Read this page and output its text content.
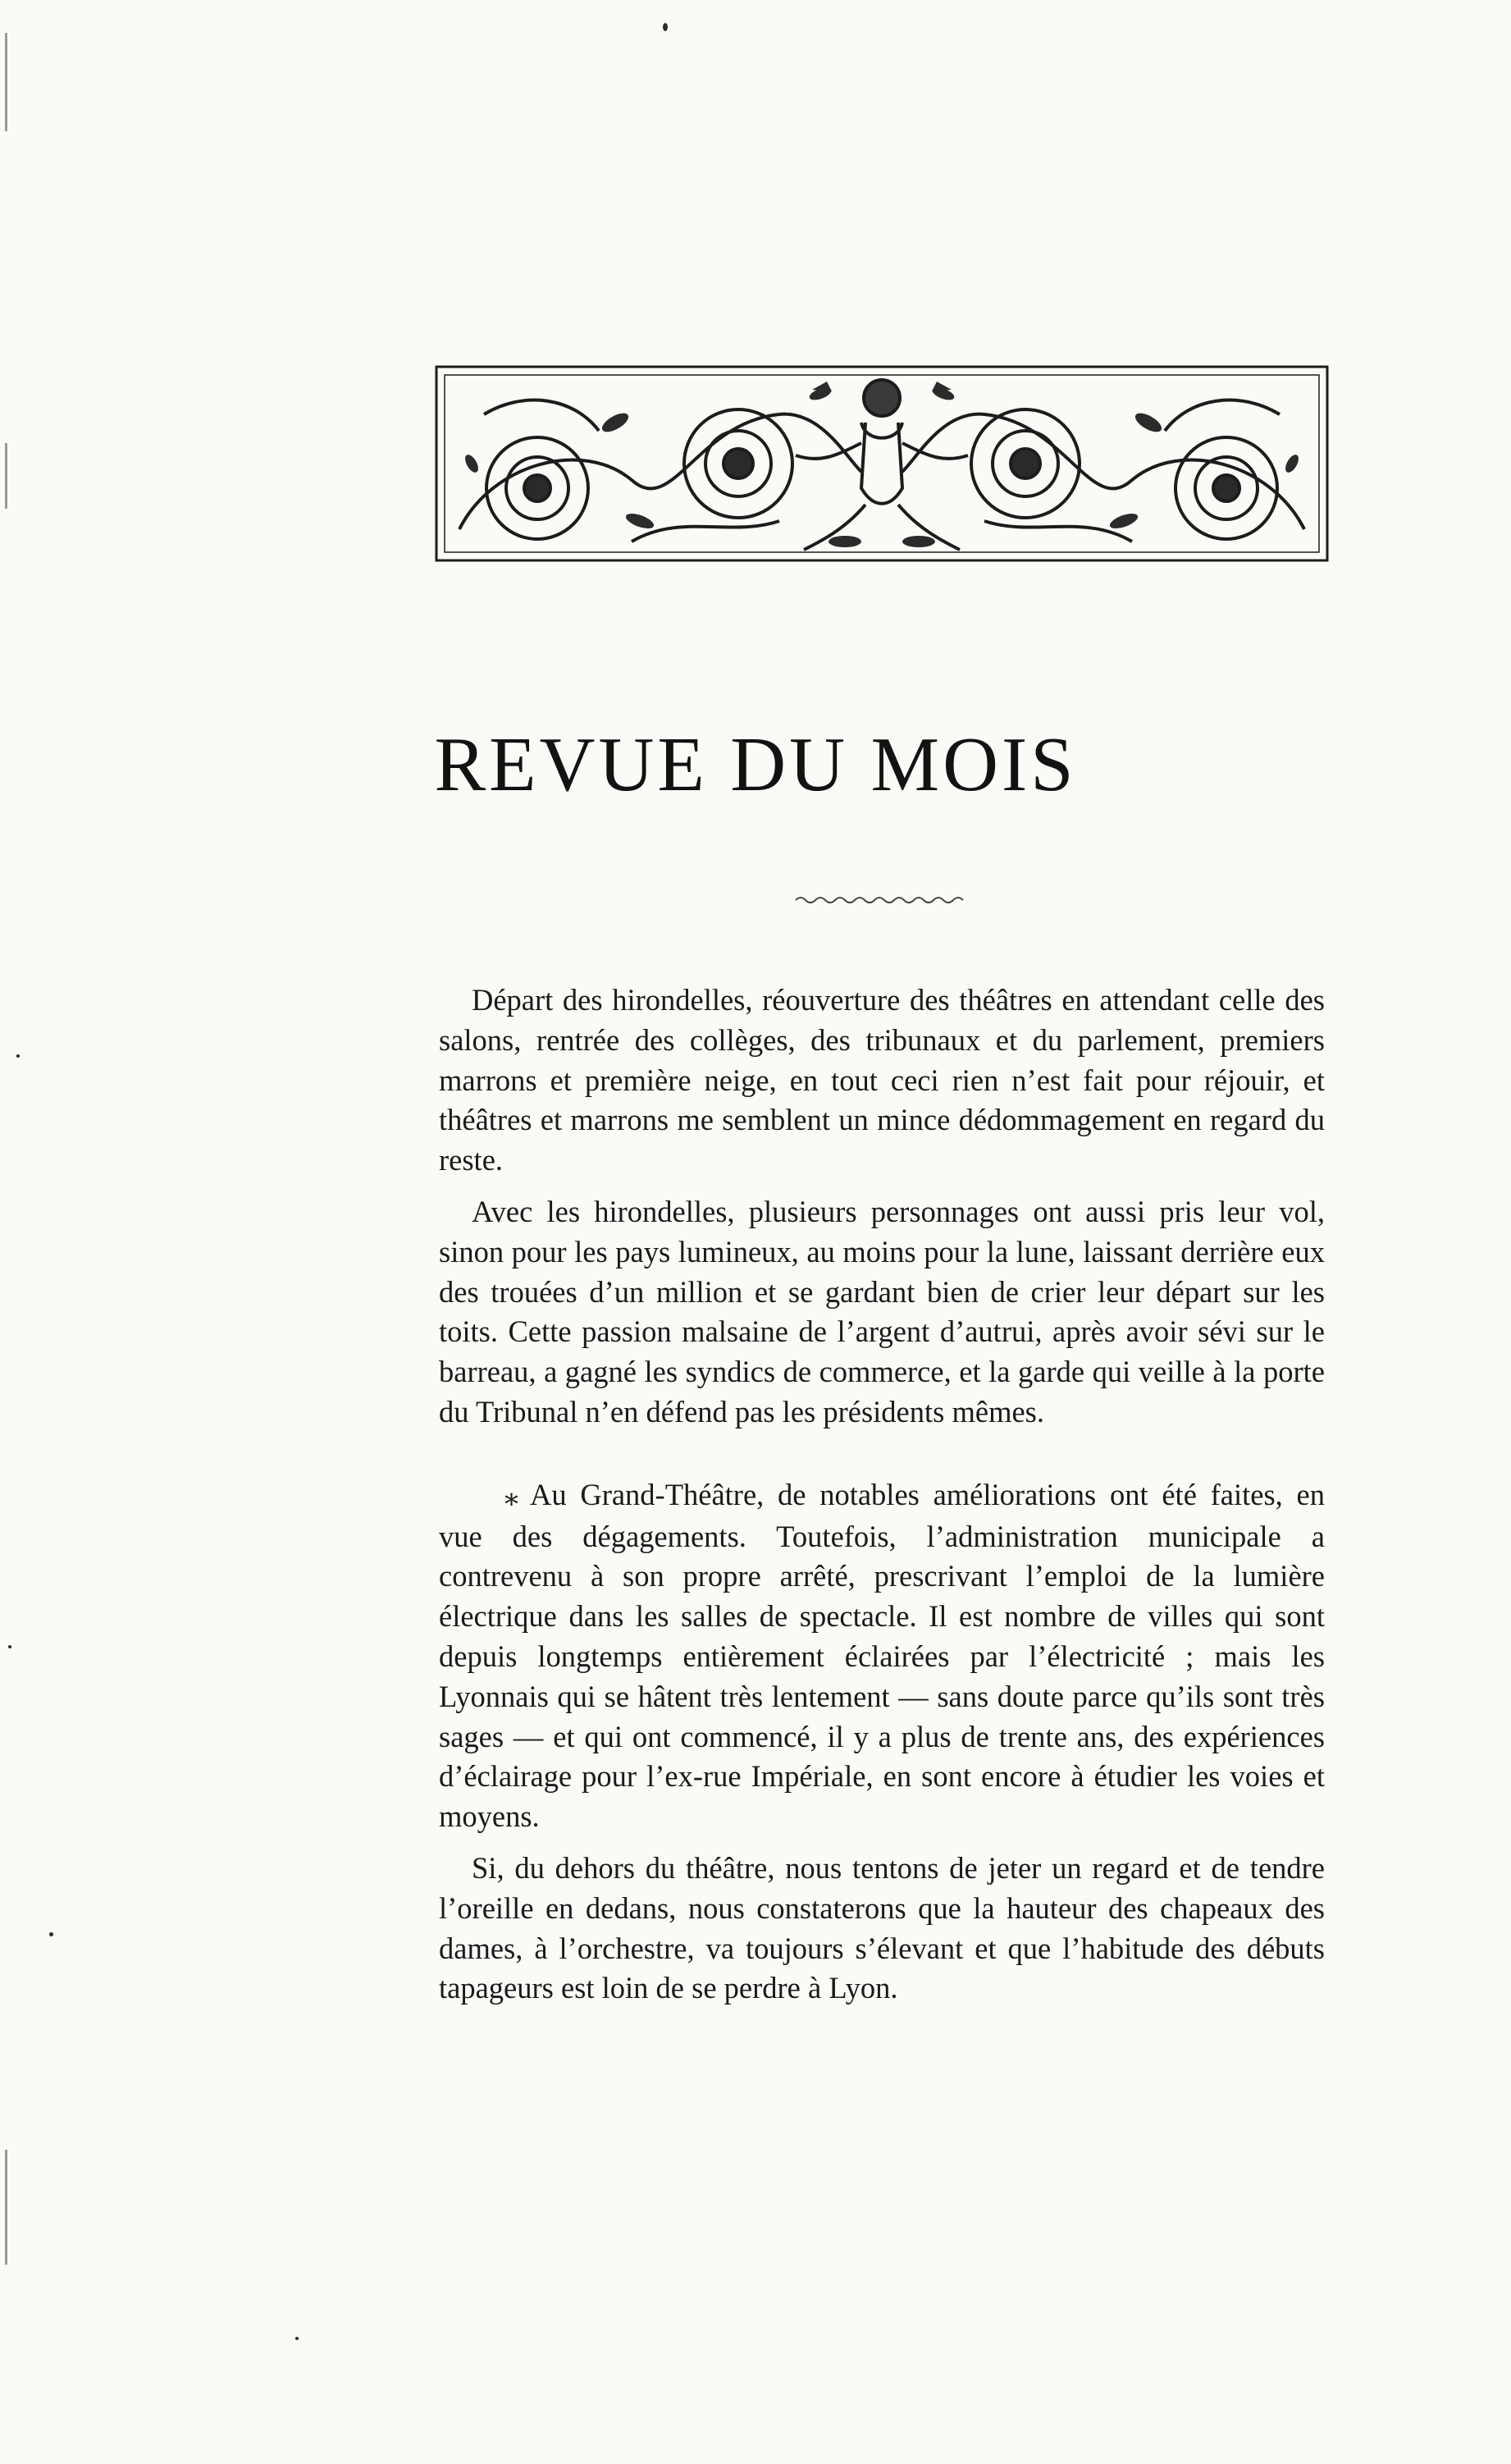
REVUE DU MOIS

Départ des hirondelles, réouverture des théâtres en attendant celle des salons, rentrée des collèges, des tribunaux et du parlement, premiers marrons et première neige, en tout ceci rien n’est fait pour réjouir, et théâtres et marrons me semblent un mince dédommagement en regard du reste.

Avec les hirondelles, plusieurs personnages ont aussi pris leur vol, sinon pour les pays lumineux, au moins pour la lune, laissant derrière eux des trouées d’un million et se gardant bien de crier leur départ sur les toits. Cette passion malsaine de l’argent d’autrui, après avoir sévi sur le barreau, a gagné les syndics de commerce, et la garde qui veille à la porte du Tribunal n’en défend pas les présidents mêmes.

⁎ Au Grand-Théâtre, de notables améliorations ont été faites, en vue des dégagements. Toutefois, l’administration municipale a contrevenu à son propre arrêté, prescrivant l’emploi de la lumière électrique dans les salles de spectacle. Il est nombre de villes qui sont depuis longtemps entièrement éclairées par l’électricité ; mais les Lyonnais qui se hâtent très lentement — sans doute parce qu’ils sont très sages — et qui ont commencé, il y a plus de trente ans, des expériences d’éclairage pour l’ex-rue Impériale, en sont encore à étudier les voies et moyens.

Si, du dehors du théâtre, nous tentons de jeter un regard et de tendre l’oreille en dedans, nous constaterons que la hauteur des chapeaux des dames, à l’orchestre, va toujours s’élevant et que l’habitude des débuts tapageurs est loin de se perdre à Lyon.
